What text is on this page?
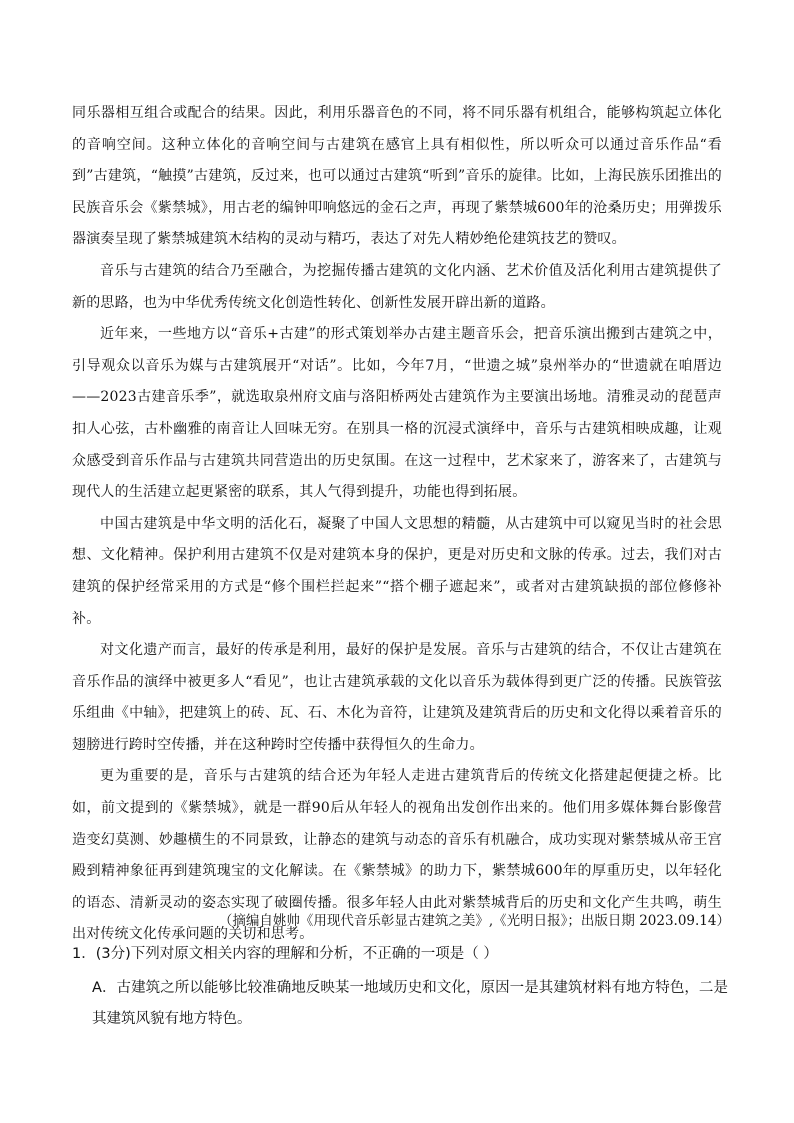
同乐器相互组合或配合的结果。因此，利用乐器音色的不同，将不同乐器有机组合，能够构筑起立体化的音响空间。这种立体化的音响空间与古建筑在感官上具有相似性，所以听众可以通过音乐作品“看到”古建筑，“触摸”古建筑，反过来，也可以通过古建筑“听到”音乐的旋律。比如，上海民族乐团推出的民族音乐会《紫禁城》，用古老的编钟叩响悠远的金石之声，再现了紫禁城600年的沧桑历史；用弹拨乐器演奏呈现了紫禁城建筑木结构的灵动与精巧，表达了对先人精妙绝伦建筑技艺的赞叹。

音乐与古建筑的结合乃至融合，为挖掘传播古建筑的文化内涵、艺术价值及活化利用古建筑提供了新的思路，也为中华优秀传统文化创造性转化、创新性发展开辟出新的道路。

近年来，一些地方以“音乐+古建”的形式策划举办古建主题音乐会，把音乐演出搬到古建筑之中，引导观众以音乐为媒与古建筑展开“对话”。比如，今年7月，“世遗之城”泉州举办的“世遗就在咱厝边——2023古建音乐季”，就选取泉州府文庙与洛阳桥两处古建筑作为主要演出场地。清雅灵动的琵琶声扣人心弦，古朴幽雅的南音让人回味无穷。在别具一格的沉浸式演绎中，音乐与古建筑相映成趣，让观众感受到音乐作品与古建筑共同营造出的历史氛围。在这一过程中，艺术家来了，游客来了，古建筑与现代人的生活建立起更紧密的联系，其人气得到提升，功能也得到拓展。

中国古建筑是中华文明的活化石，凝聚了中国人文思想的精髓，从古建筑中可以窥见当时的社会思想、文化精神。保护利用古建筑不仅是对建筑本身的保护，更是对历史和文脉的传承。过去，我们对古建筑的保护经常采用的方式是“修个围栏拦起来”“搭个棚子遮起来”，或者对古建筑缺损的部位修修补补。

对文化遗产而言，最好的传承是利用，最好的保护是发展。音乐与古建筑的结合，不仅让古建筑在音乐作品的演绎中被更多人“看见”，也让古建筑承载的文化以音乐为载体得到更广泛的传播。民族管弦乐组曲《中轴》，把建筑上的砖、瓦、石、木化为音符，让建筑及建筑背后的历史和文化得以乘着音乐的翅膀进行跨时空传播，并在这种跨时空传播中获得恒久的生命力。

更为重要的是，音乐与古建筑的结合还为年轻人走进古建筑背后的传统文化搭建起便捷之桥。比如，前文提到的《紫禁城》，就是一群90后从年轻人的视角出发创作出来的。他们用多媒体舞台影像营造变幻莫测、妙趣横生的不同景致，让静态的建筑与动态的音乐有机融合，成功实现对紫禁城从帝王宫殿到精神象征再到建筑瑰宝的文化解读。在《紫禁城》的助力下，紫禁城600年的厚重历史，以年轻化的语态、清新灵动的姿态实现了破圈传播。很多年轻人由此对紫禁城背后的历史和文化产生共鸣，萌生出对传统文化传承问题的关切和思考。

（摘编自姚帅《用现代音乐彰显古建筑之美》,《光明日报》；出版日期 2023.09.14）
1．(3分)下列对原文相关内容的理解和分析，不正确的一项是（ ）
A．古建筑之所以能够比较准确地反映某一地域历史和文化，原因一是其建筑材料有地方特色，二是其建筑风貌有地方特色。
